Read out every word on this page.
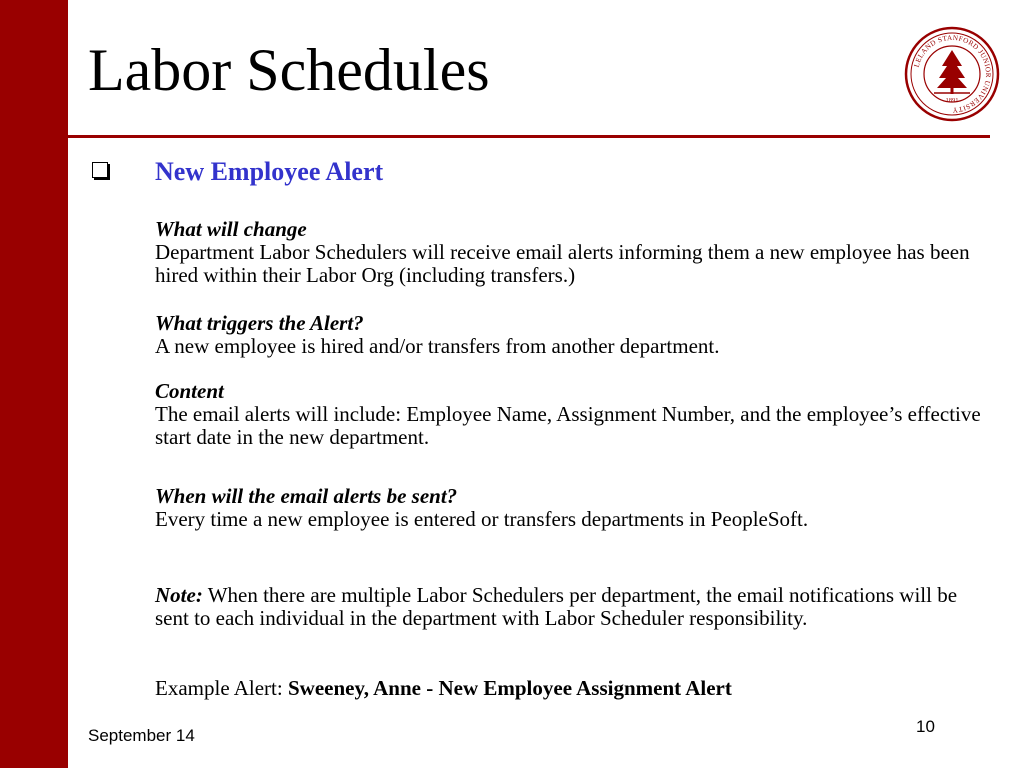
Labor Schedules	LELAND STANFORD JUNIOR UNIVERSITY
1891
New Employee Alert
What will change
Department Labor Schedulers will receive email alerts informing them a new employee has been hired within their Labor Org (including transfers.)
What triggers the Alert?
A new employee is hired and/or transfers from another department.
Content
The email alerts will include: Employee Name, Assignment Number, and the employee’s effective start date in the new department.
When will the email alerts be sent?
Every time a new employee is entered or transfers departments in PeopleSoft.
Note: When there are multiple Labor Schedulers per department, the email notifications will be sent to each individual in the department with Labor Scheduler responsibility.
Example Alert: Sweeney, Anne - New Employee Assignment Alert
September 14	10
